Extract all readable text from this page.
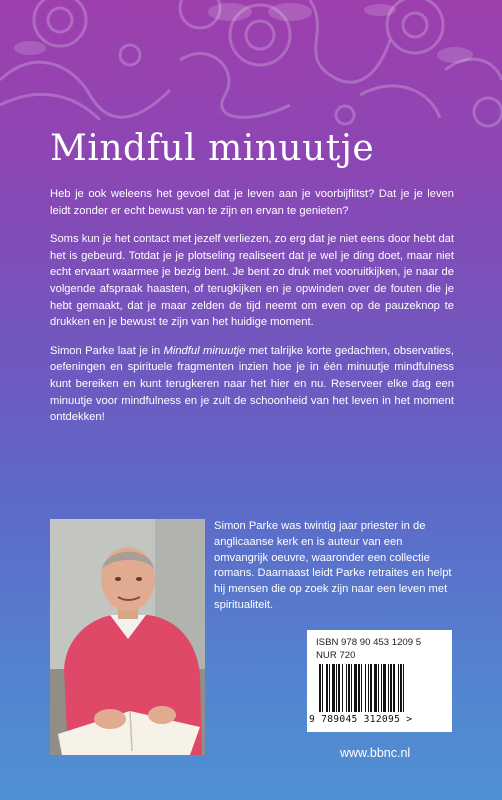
Mindful minuutje

Heb je ook weleens het gevoel dat je leven aan je voorbijflitst? Dat je je leven leidt zonder er echt bewust van te zijn en ervan te genieten?

Soms kun je het contact met jezelf verliezen, zo erg dat je niet eens door hebt dat het is gebeurd. Totdat je je plotseling realiseert dat je wel je ding doet, maar niet echt ervaart waarmee je bezig bent. Je bent zo druk met vooruitkijken, je naar de volgende afspraak haasten, of terugkijken en je opwinden over de fouten die je hebt gemaakt, dat je maar zelden de tijd neemt om even op de pauzeknop te drukken en je bewust te zijn van het huidige moment.

Simon Parke laat je in Mindful minuutje met talrijke korte gedachten, observaties, oefeningen en spirituele fragmenten inzien hoe je in één minuutje mindfulness kunt bereiken en kunt terugkeren naar het hier en nu. Reserveer elke dag een minuutje voor mindfulness en je zult de schoonheid van het leven in het moment ontdekken!

Simon Parke was twintig jaar priester in de anglicaanse kerk en is auteur van een omvangrijk oeuvre, waaronder een collectie romans. Daarnaast leidt Parke retraites en helpt hij mensen die op zoek zijn naar een leven met spiritualiteit.

ISBN 978 90 453 1209 5
NUR 720
9 789045 312095 >
www.bbnc.nl
